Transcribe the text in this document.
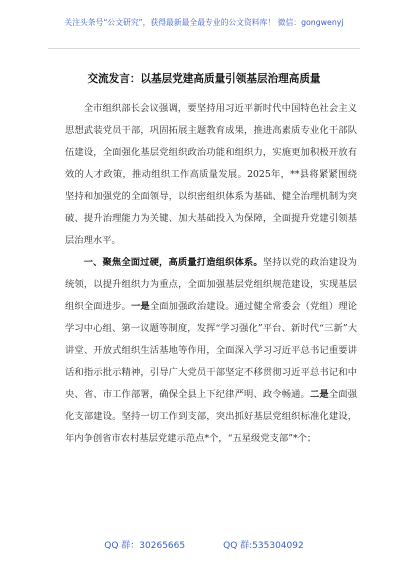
关注头条号“公文研究”，获得最新最全最专业的公文资料库！ 微信：gongwenyj
交流发言：以基层党建高质量引领基层治理高质量

全市组织部长会议强调，要坚持用习近平新时代中国特色社会主义思想武装党员干部，巩固拓展主题教育成果，推进高素质专业化干部队伍建设，全面强化基层党组织政治功能和组织力，实施更加积极开放有效的人才政策，推动组织工作高质量发展。2025年，**县将紧紧围绕坚持和加强党的全面领导，以织密组织体系为基础、健全治理机制为突破、提升治理能力为关键、加大基础投入为保障，全面提升党建引领基层治理水平。

一、聚焦全面过硬，高质量打造组织体系。坚持以党的政治建设为统领，以提升组织力为重点，全面加强基层党组织规范建设，实现基层组织全面进步。一是全面加强政治建设。通过健全常委会（党组）理论学习中心组、第一议题等制度，发挥“学习强化”平台、新时代“三新”大讲堂、开放式组织生活基地等作用，全面深入学习习近平总书记重要讲话和指示批示精神，引导广大党员干部坚定不移贯彻习近平总书记和中央、省、市工作部署，确保全县上下纪律严明、政令畅通。二是全面强化支部建设。坚持一切工作到支部，突出抓好基层党组织标准化建设，年内争创省市农村基层党建示范点*个，“五星级党支部”*个；

QQ 群：30265665	QQ 群:535304092
